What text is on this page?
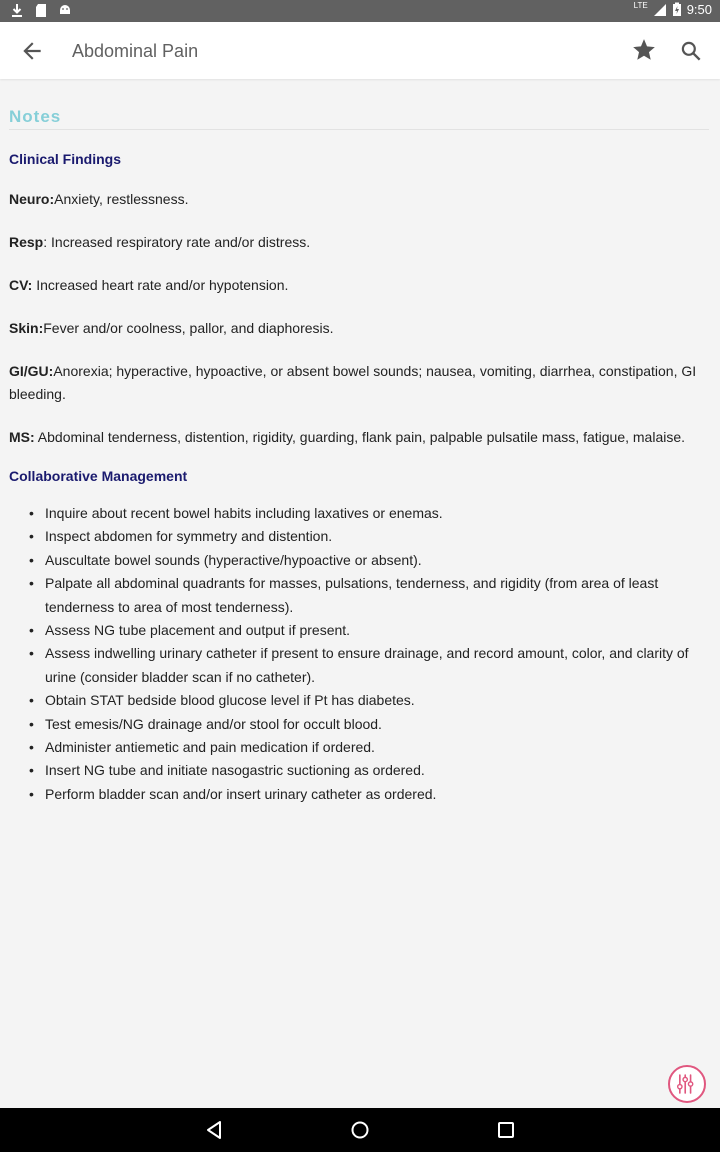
LTE	9:50
Abdominal Pain
Notes
Clinical Findings

Neuro:Anxiety, restlessness.

Resp: Increased respiratory rate and/or distress.

CV: Increased heart rate and/or hypotension.

Skin:Fever and/or coolness, pallor, and diaphoresis.

GI/GU:Anorexia; hyperactive, hypoactive, or absent bowel sounds; nausea, vomiting, diarrhea, constipation, GI bleeding.

MS: Abdominal tenderness, distention, rigidity, guarding, flank pain, palpable pulsatile mass, fatigue, malaise.

Collaborative Management
• Inquire about recent bowel habits including laxatives or enemas.
• Inspect abdomen for symmetry and distention.
• Auscultate bowel sounds (hyperactive/hypoactive or absent).
• Palpate all abdominal quadrants for masses, pulsations, tenderness, and rigidity (from area of least tenderness to area of most tenderness).
• Assess NG tube placement and output if present.
• Assess indwelling urinary catheter if present to ensure drainage, and record amount, color, and clarity of urine (consider bladder scan if no catheter).
• Obtain STAT bedside blood glucose level if Pt has diabetes.
• Test emesis/NG drainage and/or stool for occult blood.
• Administer antiemetic and pain medication if ordered.
• Insert NG tube and initiate nasogastric suctioning as ordered.
• Perform bladder scan and/or insert urinary catheter as ordered.
